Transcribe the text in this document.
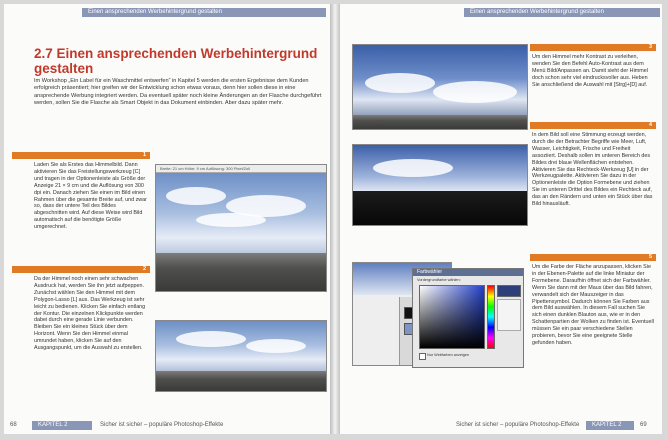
Einen ansprechenden Werbehintergrund gestalten
2.7 Einen ansprechenden Werbehintergrund gestalten

Im Workshop „Ein Label für ein Waschmittel entwerfen“ in Kapitel 5 werden die ersten Ergebnisse dem Kunden erfolgreich präsentiert; hier greifen wir der Entwicklung schon etwas voraus, denn hier sollen diese in eine ansprechende Werbung integriert werden. Da eventuell später noch kleine Änderungen an der Flasche durchgeführt werden, sollen Sie die Flasche als Smart Objekt in das Dokument einbinden. Aber dazu später mehr.

1

Laden Sie als Erstes das Himmelbild. Dann aktivieren Sie das Freistellungswerkzeug [C] und tragen in der Optionenleiste als Größe der Anzeige 21 × 9 cm und die Auflösung von 300 dpi ein. Danach ziehen Sie einen im Bild einen Rahmen über die gesamte Breite auf, und zwar so, dass der untere Teil des Bildes abgeschnitten wird. Auf diese Weise wird Bild automatisch auf die benötigte Größe umgerechnet.

2

Da der Himmel noch einen sehr schwachen Ausdruck hat, werden Sie ihn jetzt aufpeppen. Zunächst wählen Sie den Himmel mit dem Polygon-Lasso [L] aus. Das Werkzeug ist sehr leicht zu bedienen. Klicken Sie einfach entlang der Kontur. Die einzelnen Klickpunkte werden dabei durch eine gerade Linie verbunden. Bleiben Sie ein kleines Stück über dem Horizont. Wenn Sie den Himmel einmal umrundet haben, klicken Sie auf den Ausgangspunkt, um die Auswahl zu erstellen.

Breite: 21 cm Höhe: 9 cm Auflösung: 300 Pixel/Zoll
68	KAPITEL 2	Sicher ist sicher – populäre Photoshop-Effekte
Einen ansprechenden Werbehintergrund gestalten
3

Um den Himmel mehr Kontrast zu verleihen, wenden Sie den Befehl Auto-Kontrast aus dem Menü Bild/Anpassen an. Damit sieht der Himmel doch schon sehr viel eindrucksvoller aus. Heben Sie anschließend die Auswahl mit [Strg]+[D] auf.

4

In dem Bild soll eine Stimmung erzeugt werden, durch die der Betrachter Begriffe wie Meer, Luft, Wasser, Leichtigkeit, Frische und Freiheit assoziiert. Deshalb sollen im unteren Bereich des Bildes drei blaue Wellenflächen entstehen. Aktivieren Sie das Rechteck-Werkzeug [U] in der Werkzeugpalette. Aktivieren Sie dazu in der Optionenleiste die Option Formebene und ziehen Sie im unteren Drittel des Bildes ein Rechteck auf, das an den Rändern und unten ein Stück über das Bild hinausläuft.

Farbwähler
Vordergrundfarbe wählen:
Nur Webfarben anzeigen
5

Um die Farbe der Fläche anzupassen, klicken Sie in der Ebenen-Palette auf die linke Miniatur der Formebene. Daraufhin öffnet sich der Farbwähler. Wenn Sie dann mit der Maus über das Bild fahren, verwandelt sich der Mauszeiger in das Pipettensymbol. Dadurch können Sie Farben aus dem Bild auswählen. In diesem Fall suchen Sie sich einen dunklen Blauton aus, wie er in den Schattenpartien der Wolken zu finden ist. Eventuell müssen Sie ein paar verschiedene Stellen probieren, bevor Sie eine geeignete Stelle gefunden haben.

Sicher ist sicher – populäre Photoshop-Effekte	KAPITEL 2	69
